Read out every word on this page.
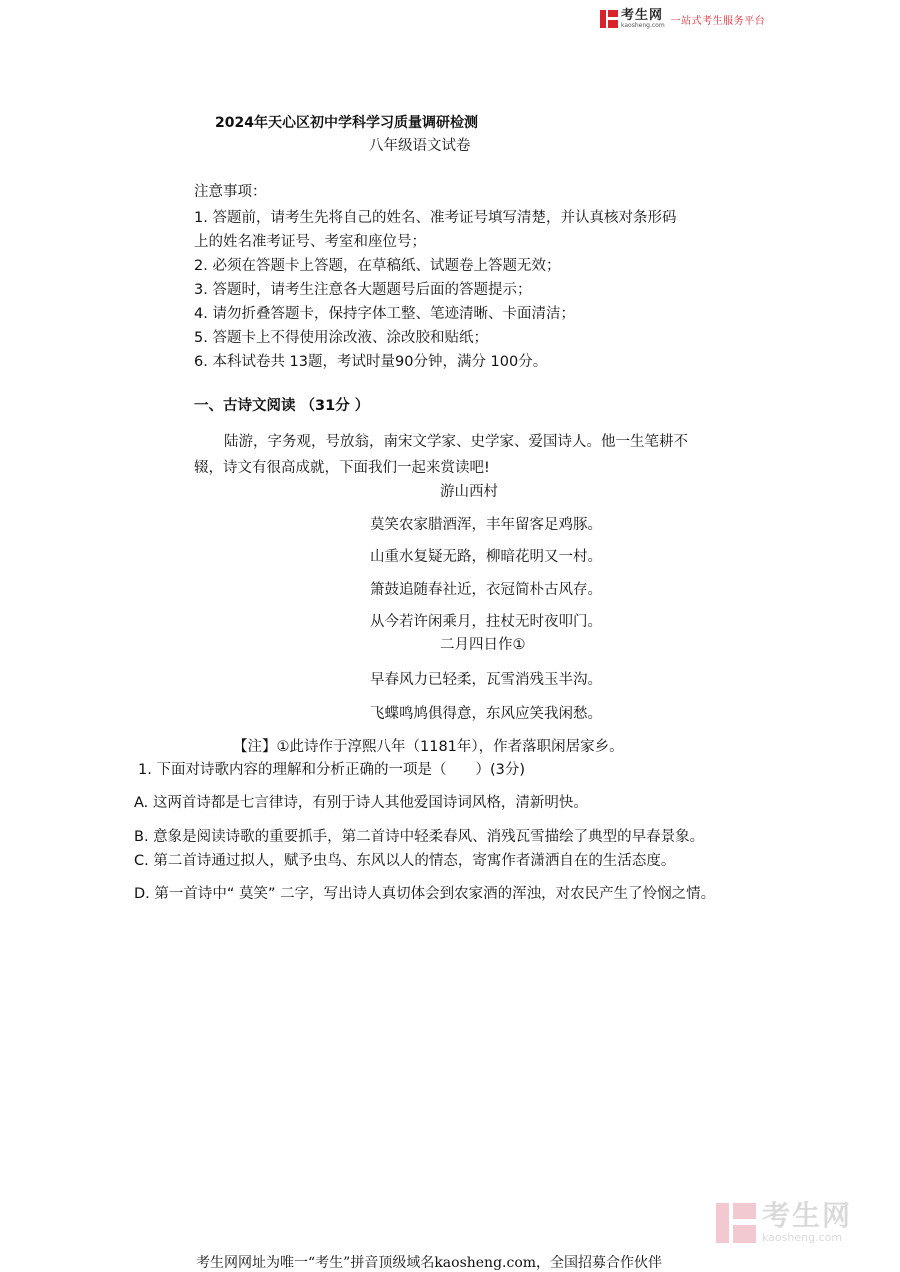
考生网
kaosheng.com 一站式考生服务平台
2024年天心区初中学科学习质量调研检测
八年级语文试卷
注意事项：
1. 答题前，请考生先将自己的姓名、准考证号填写清楚，并认真核对条形码
上的姓名准考证号、考室和座位号；
2. 必须在答题卡上答题，在草稿纸、试题卷上答题无效；
3. 答题时，请考生注意各大题题号后面的答题提示；
4. 请勿折叠答题卡，保持字体工整、笔迹清晰、卡面清洁；
5. 答题卡上不得使用涂改液、涂改胶和贴纸；
6. 本科试卷共 13题，考试时量90分钟，满分 100分。
一、古诗文阅读 （31分 ）
陆游，字务观，号放翁，南宋文学家、史学家、爱国诗人。他一生笔耕不
辍，诗文有很高成就，下面我们一起来赏读吧!
游山西村
莫笑农家腊酒浑，丰年留客足鸡豚。
山重水复疑无路，柳暗花明又一村。
箫鼓追随春社近，衣冠简朴古风存。
从今若许闲乘月，拄杖无时夜叩门。
二月四日作①
早春风力已轻柔，瓦雪消残玉半沟。
飞蝶鸣鸠俱得意，东风应笑我闲愁。
【注】①此诗作于淳熙八年（1181年），作者落职闲居家乡。
1. 下面对诗歌内容的理解和分析正确的一项是（　　）(3分)
A. 这两首诗都是七言律诗，有别于诗人其他爱国诗词风格，清新明快。
B. 意象是阅读诗歌的重要抓手，第二首诗中轻柔春风、消残瓦雪描绘了典型的早春景象。
C. 第二首诗通过拟人，赋予虫鸟、东风以人的情态，寄寓作者潇洒自在的生活态度。
D. 第一首诗中“ 莫笑” 二字，写出诗人真切体会到农家酒的浑浊，对农民产生了怜悯之情。
考生网
kaosheng.com
考生网网址为唯一“考生”拼音顶级域名kaosheng.com，全国招募合作伙伴
